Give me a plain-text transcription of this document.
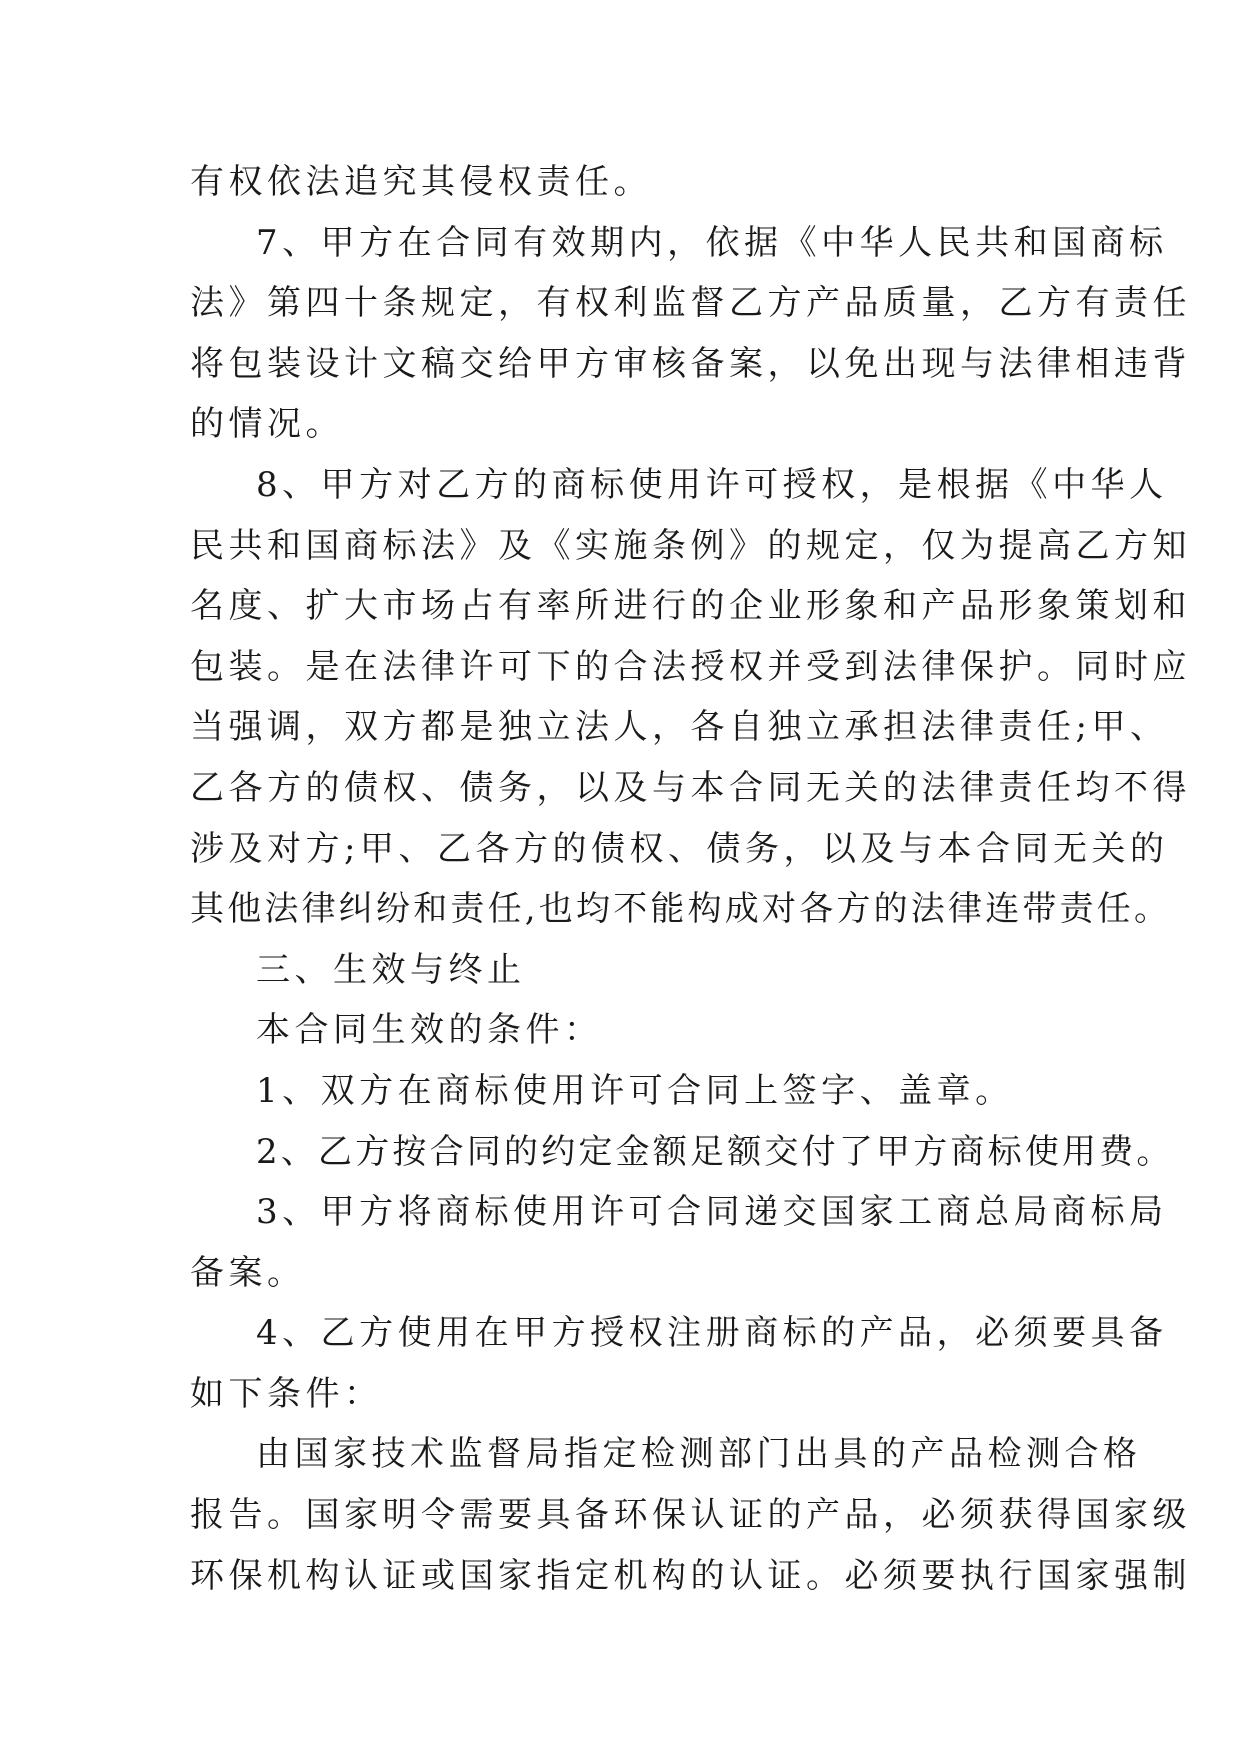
有权依法追究其侵权责任。
7、甲方在合同有效期内，依据《中华人民共和国商标
法》第四十条规定，有权利监督乙方产品质量，乙方有责任
将包装设计文稿交给甲方审核备案，以免出现与法律相违背
的情况。
8、甲方对乙方的商标使用许可授权，是根据《中华人
民共和国商标法》及《实施条例》的规定，仅为提高乙方知
名度、扩大市场占有率所进行的企业形象和产品形象策划和
包装。是在法律许可下的合法授权并受到法律保护。同时应
当强调，双方都是独立法人，各自独立承担法律责任;甲、
乙各方的债权、债务，以及与本合同无关的法律责任均不得
涉及对方;甲、乙各方的债权、债务，以及与本合同无关的
其他法律纠纷和责任,也均不能构成对各方的法律连带责任。
三、生效与终止
本合同生效的条件：
1、双方在商标使用许可合同上签字、盖章。
2、乙方按合同的约定金额足额交付了甲方商标使用费。
3、甲方将商标使用许可合同递交国家工商总局商标局
备案。
4、乙方使用在甲方授权注册商标的产品，必须要具备
如下条件：
由国家技术监督局指定检测部门出具的产品检测合格
报告。国家明令需要具备环保认证的产品，必须获得国家级
环保机构认证或国家指定机构的认证。必须要执行国家强制
